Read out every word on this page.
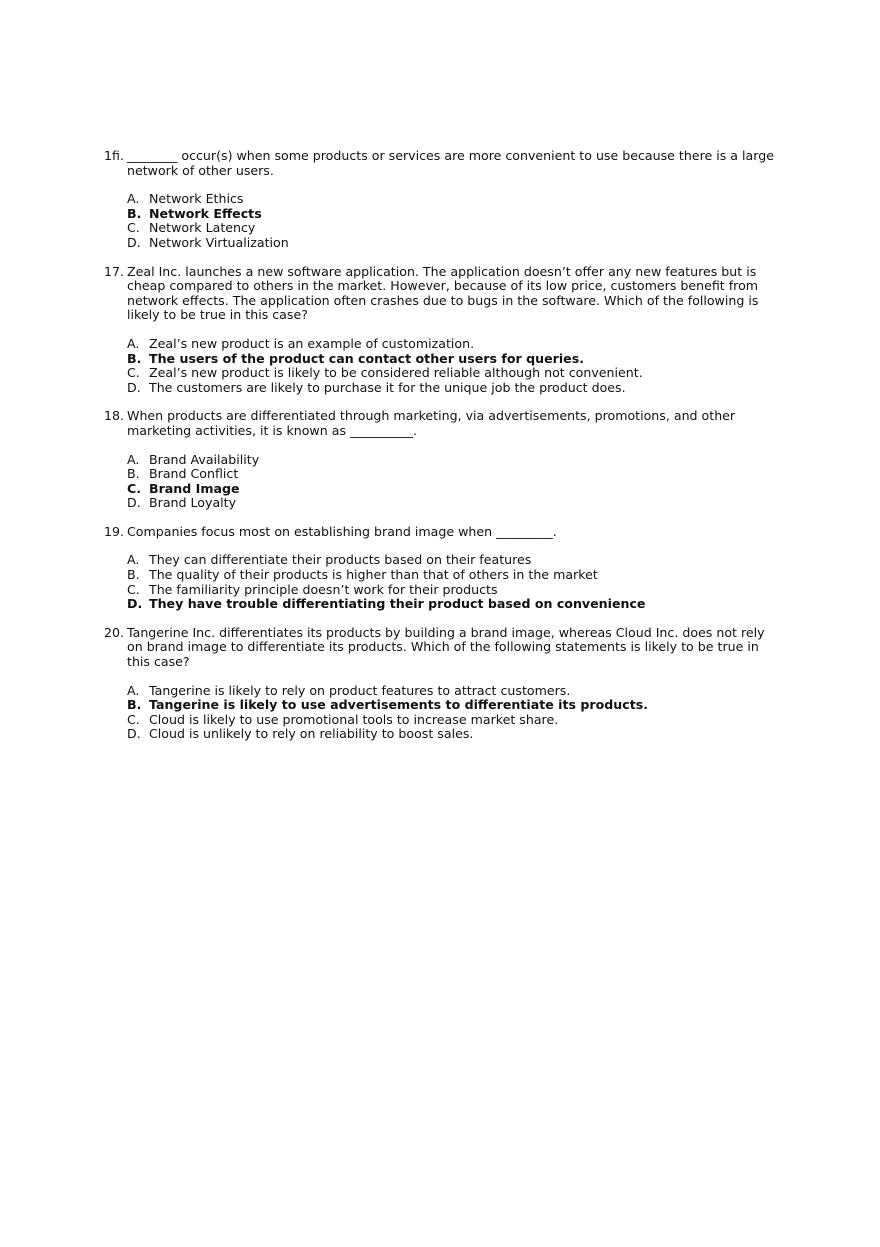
1fi. ________ occur(s) when some products or services are more convenient to use because there is a large network of other users.
A. Network Ethics
B. Network Effects
C. Network Latency
D. Network Virtualization
17. Zeal Inc. launches a new software application. The application doesn’t offer any new features but is cheap compared to others in the market. However, because of its low price, customers benefit from network effects. The application often crashes due to bugs in the software. Which of the following is likely to be true in this case?
A. Zeal’s new product is an example of customization.
B. The users of the product can contact other users for queries.
C. Zeal’s new product is likely to be considered reliable although not convenient.
D. The customers are likely to purchase it for the unique job the product does.
18. When products are differentiated through marketing, via advertisements, promotions, and other marketing activities, it is known as __________.
A. Brand Availability
B. Brand Conflict
C. Brand Image
D. Brand Loyalty
19. Companies focus most on establishing brand image when _________.
A. They can differentiate their products based on their features
B. The quality of their products is higher than that of others in the market
C. The familiarity principle doesn’t work for their products
D. They have trouble differentiating their product based on convenience
20. Tangerine Inc. differentiates its products by building a brand image, whereas Cloud Inc. does not rely on brand image to differentiate its products. Which of the following statements is likely to be true in this case?
A. Tangerine is likely to rely on product features to attract customers.
B. Tangerine is likely to use advertisements to differentiate its products.
C. Cloud is likely to use promotional tools to increase market share.
D. Cloud is unlikely to rely on reliability to boost sales.
